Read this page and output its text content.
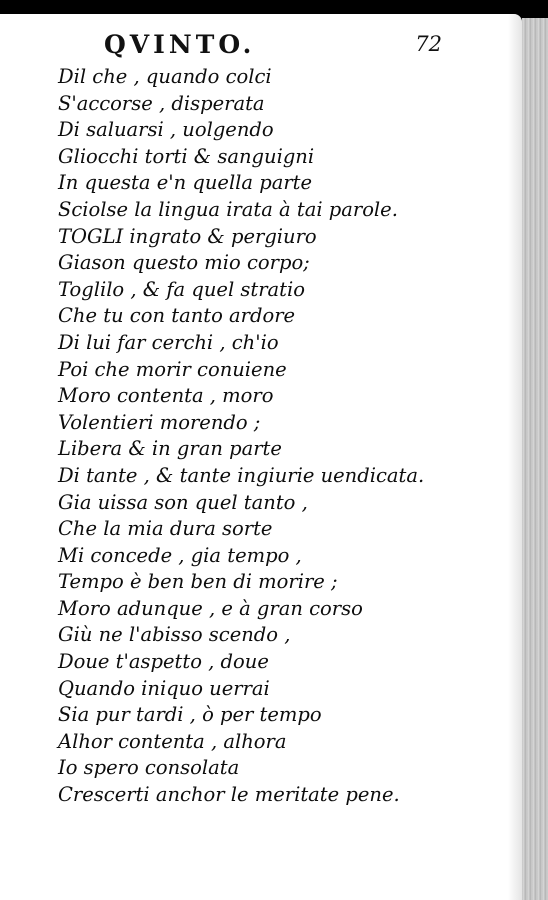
QVINTO.	72
Dil che , quando colci
S'accorse , disperata
Di saluarsi , uolgendo
Gliocchi torti & sanguigni
In questa e'n quella parte
Sciolse la lingua irata à tai parole.
TOGLI ingrato & pergiuro
Giason questo mio corpo;
Toglilo , & fa quel stratio
Che tu con tanto ardore
Di lui far cerchi , ch'io
Poi che morir conuiene
Moro contenta , moro
Volentieri morendo ;
Libera & in gran parte
Di tante , & tante ingiurie uendicata.
Gia uissa son quel tanto ,
Che la mia dura sorte
Mi concede , gia tempo ,
Tempo è ben ben di morire ;
Moro adunque , e à gran corso
Giù ne l'abisso scendo ,
Doue t'aspetto , doue
Quando iniquo uerrai
Sia pur tardi , ò per tempo
Alhor contenta , alhora
Io spero consolata
Crescerti anchor le meritate pene.
